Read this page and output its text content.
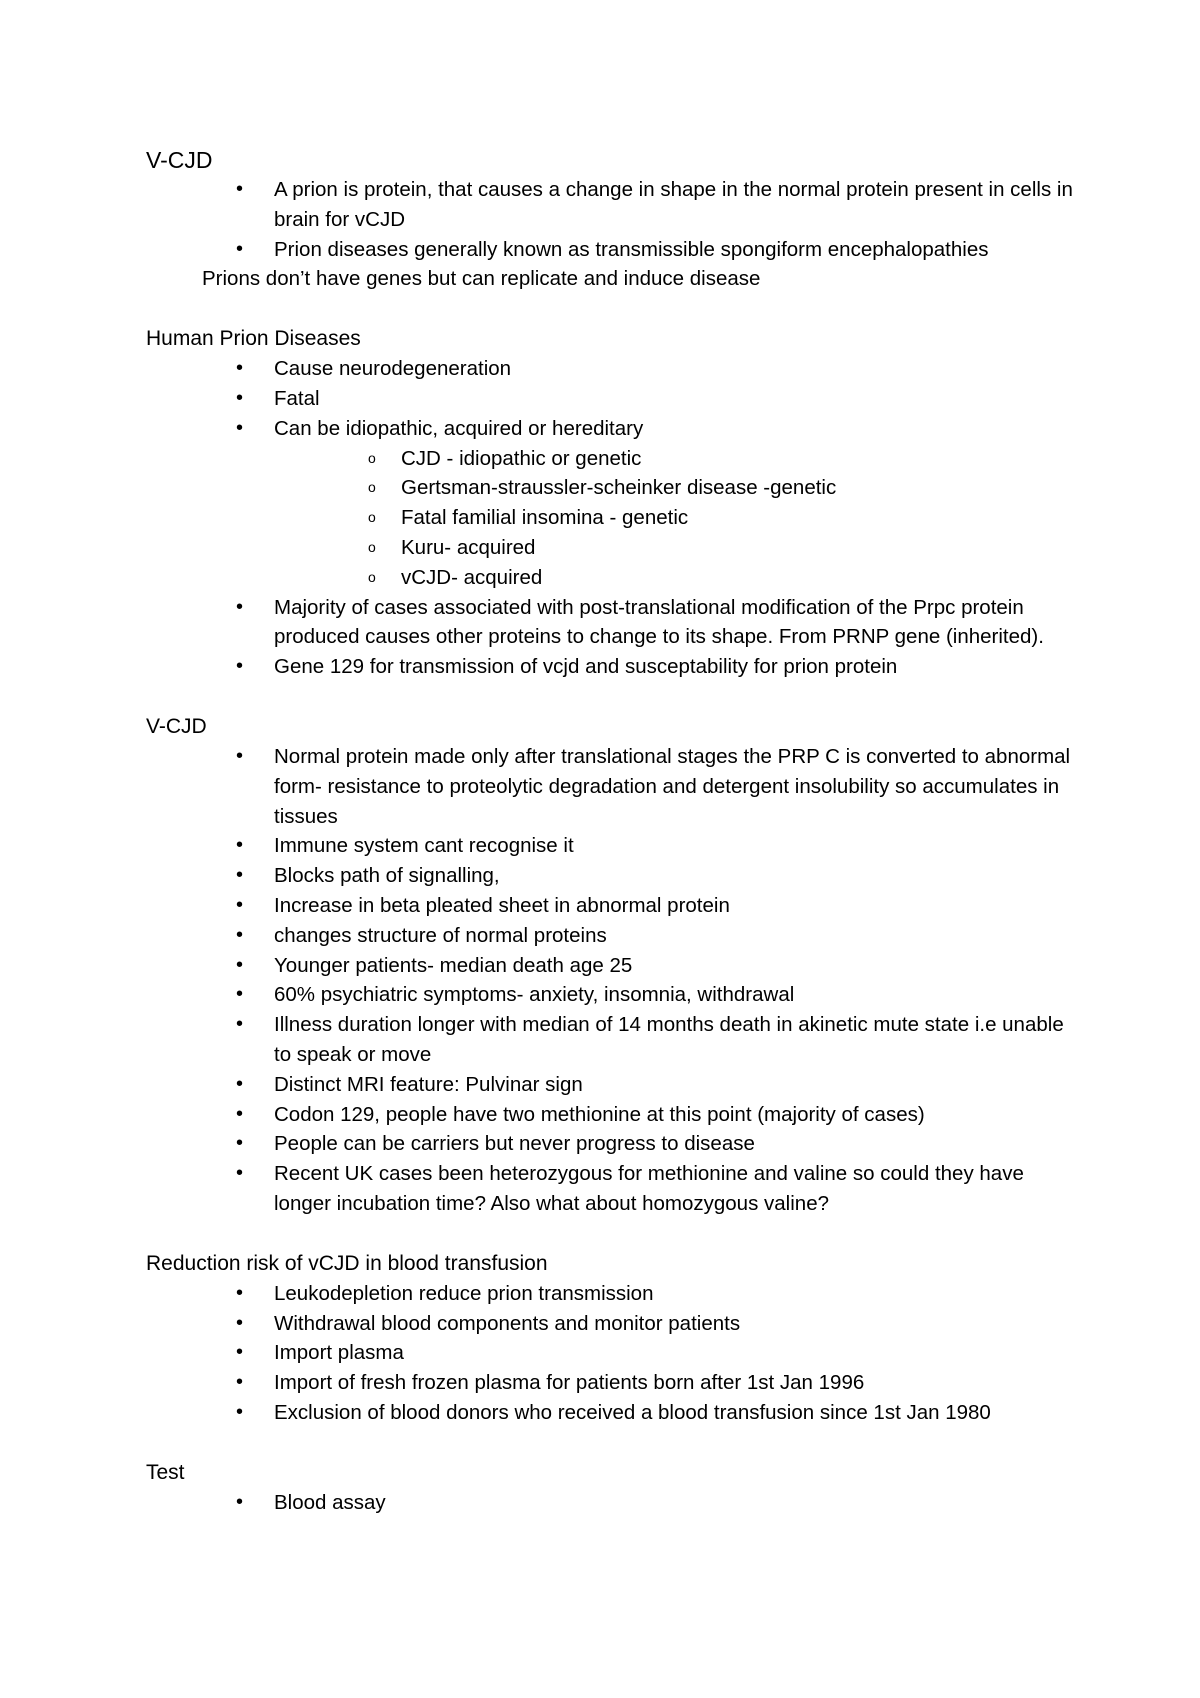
V-CJD
• A prion is protein, that causes a change in shape in the normal protein present in cells in brain for vCJD
• Prion diseases generally known as transmissible spongiform encephalopathies
Prions don’t have genes but can replicate and induce disease
Human Prion Diseases
• Cause neurodegeneration
• Fatal
• Can be idiopathic, acquired or hereditary
o CJD - idiopathic or genetic
o Gertsman-straussler-scheinker disease -genetic
o Fatal familial insomina - genetic
o Kuru- acquired
o vCJD- acquired
• Majority of cases associated with post-translational modification of the Prpc protein produced causes other proteins to change to its shape. From PRNP gene (inherited).
• Gene 129 for transmission of vcjd and susceptability for prion protein
V-CJD
• Normal protein made only after translational stages the PRP C is converted to abnormal form- resistance to proteolytic degradation and detergent insolubility so accumulates in tissues
• Immune system cant recognise it
• Blocks path of signalling,
• Increase in beta pleated sheet in abnormal protein
• changes structure of normal proteins
• Younger patients- median death age 25
• 60% psychiatric symptoms- anxiety, insomnia, withdrawal
• Illness duration longer with median of 14 months death in akinetic mute state i.e unable to speak or move
• Distinct MRI feature: Pulvinar sign
• Codon 129, people have two methionine at this point (majority of cases)
• People can be carriers but never progress to disease
• Recent UK cases been heterozygous for methionine and valine so could they have longer incubation time? Also what about homozygous valine?
Reduction risk of vCJD in blood transfusion
• Leukodepletion reduce prion transmission
• Withdrawal blood components and monitor patients
• Import plasma
• Import of fresh frozen plasma for patients born after 1st Jan 1996
• Exclusion of blood donors who received a blood transfusion since 1st Jan 1980
Test
• Blood assay
